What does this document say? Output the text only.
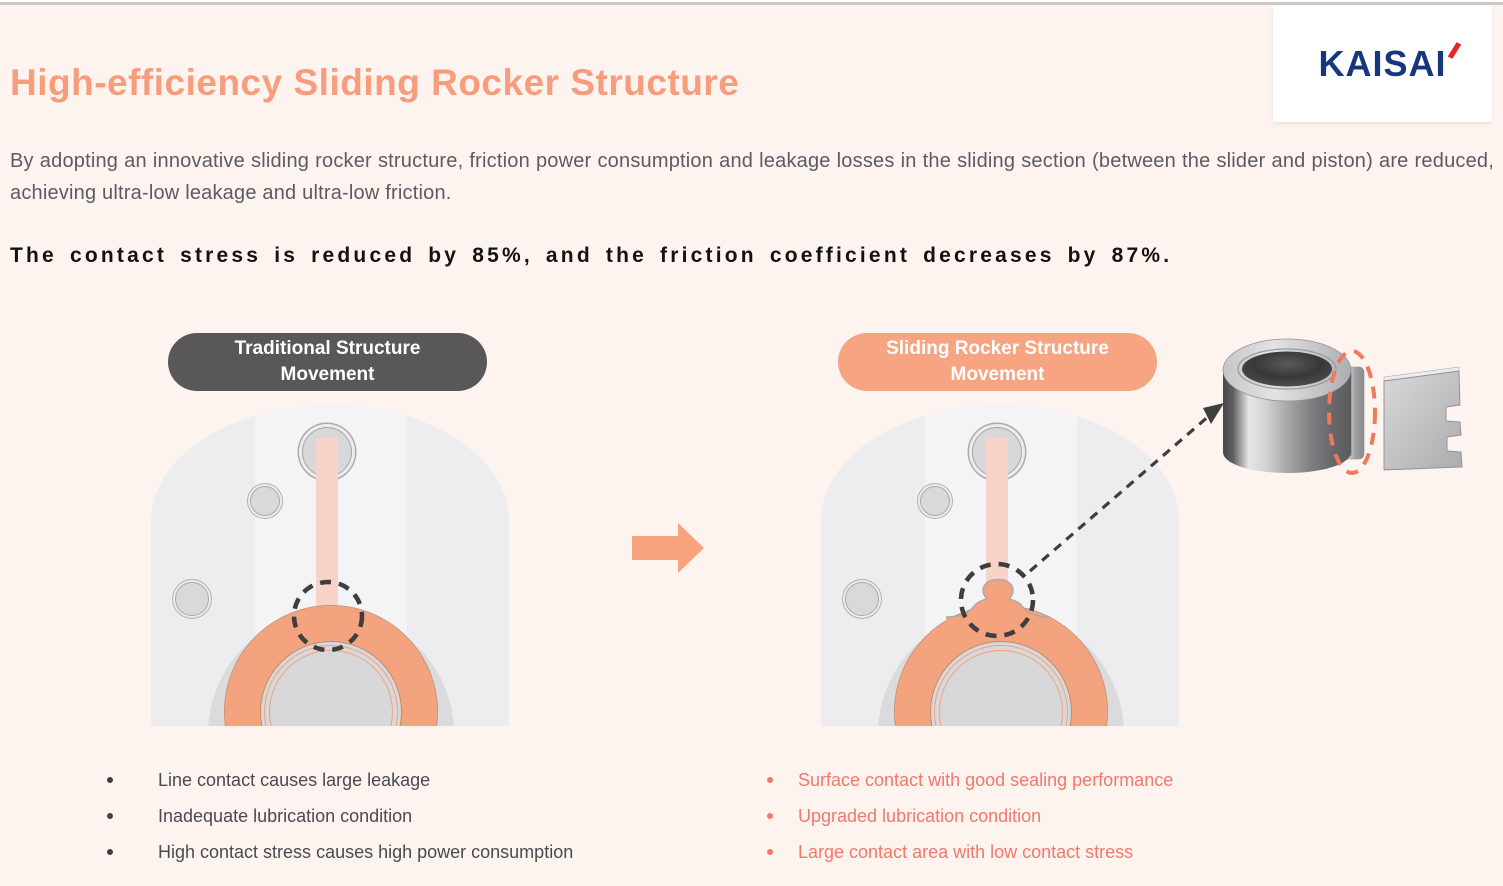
KAISAI
High-efficiency Sliding Rocker Structure

By adopting an innovative sliding rocker structure, friction power consumption and leakage losses in the sliding section (between the slider and piston) are reduced, achieving ultra-low leakage and ultra-low friction.

The contact stress is reduced by 85%, and the friction coefficient decreases by 87%.

Traditional Structure
Movement
Sliding Rocker Structure
Movement
Line contact causes large leakage
Inadequate lubrication condition
High contact stress causes high power consumption
Surface contact with good sealing performance
Upgraded lubrication condition
Large contact area with low contact stress
